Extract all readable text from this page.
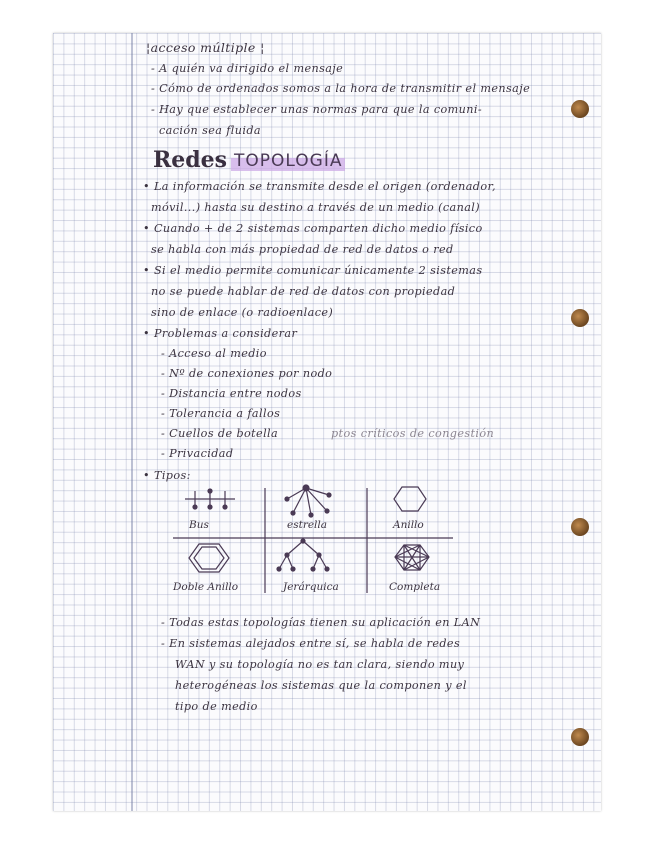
¦acceso múltiple ¦
- A quién va dirigido el mensaje
- Cómo de ordenados somos a la hora de transmitir el mensaje
- Hay que establecer unas normas para que la comuni-
cación sea fluida
Redes TOPOLOGÍA
• La información se transmite desde el origen (ordenador,
móvil...) hasta su destino a través de un medio (canal)
• Cuando + de 2 sistemas comparten dicho medio físico
se habla con más propiedad de red de datos o red
• Si el medio permite comunicar únicamente 2 sistemas
no se puede hablar de red de datos con propiedad
sino de enlace (o radioenlace)
• Problemas a considerar
- Acceso al medio
- Nº de conexiones por nodo
- Distancia entre nodos
- Tolerancia a fallos
- Cuellos de botella	ptos críticos de congestión
- Privacidad
• Tipos:
Bus	estrella	Anillo
Doble Anillo	Jerárquica	Completa
- Todas estas topologías tienen su aplicación en LAN
- En sistemas alejados entre sí, se habla de redes
WAN y su topología no es tan clara, siendo muy
heterogéneas los sistemas que la componen y el
tipo de medio
